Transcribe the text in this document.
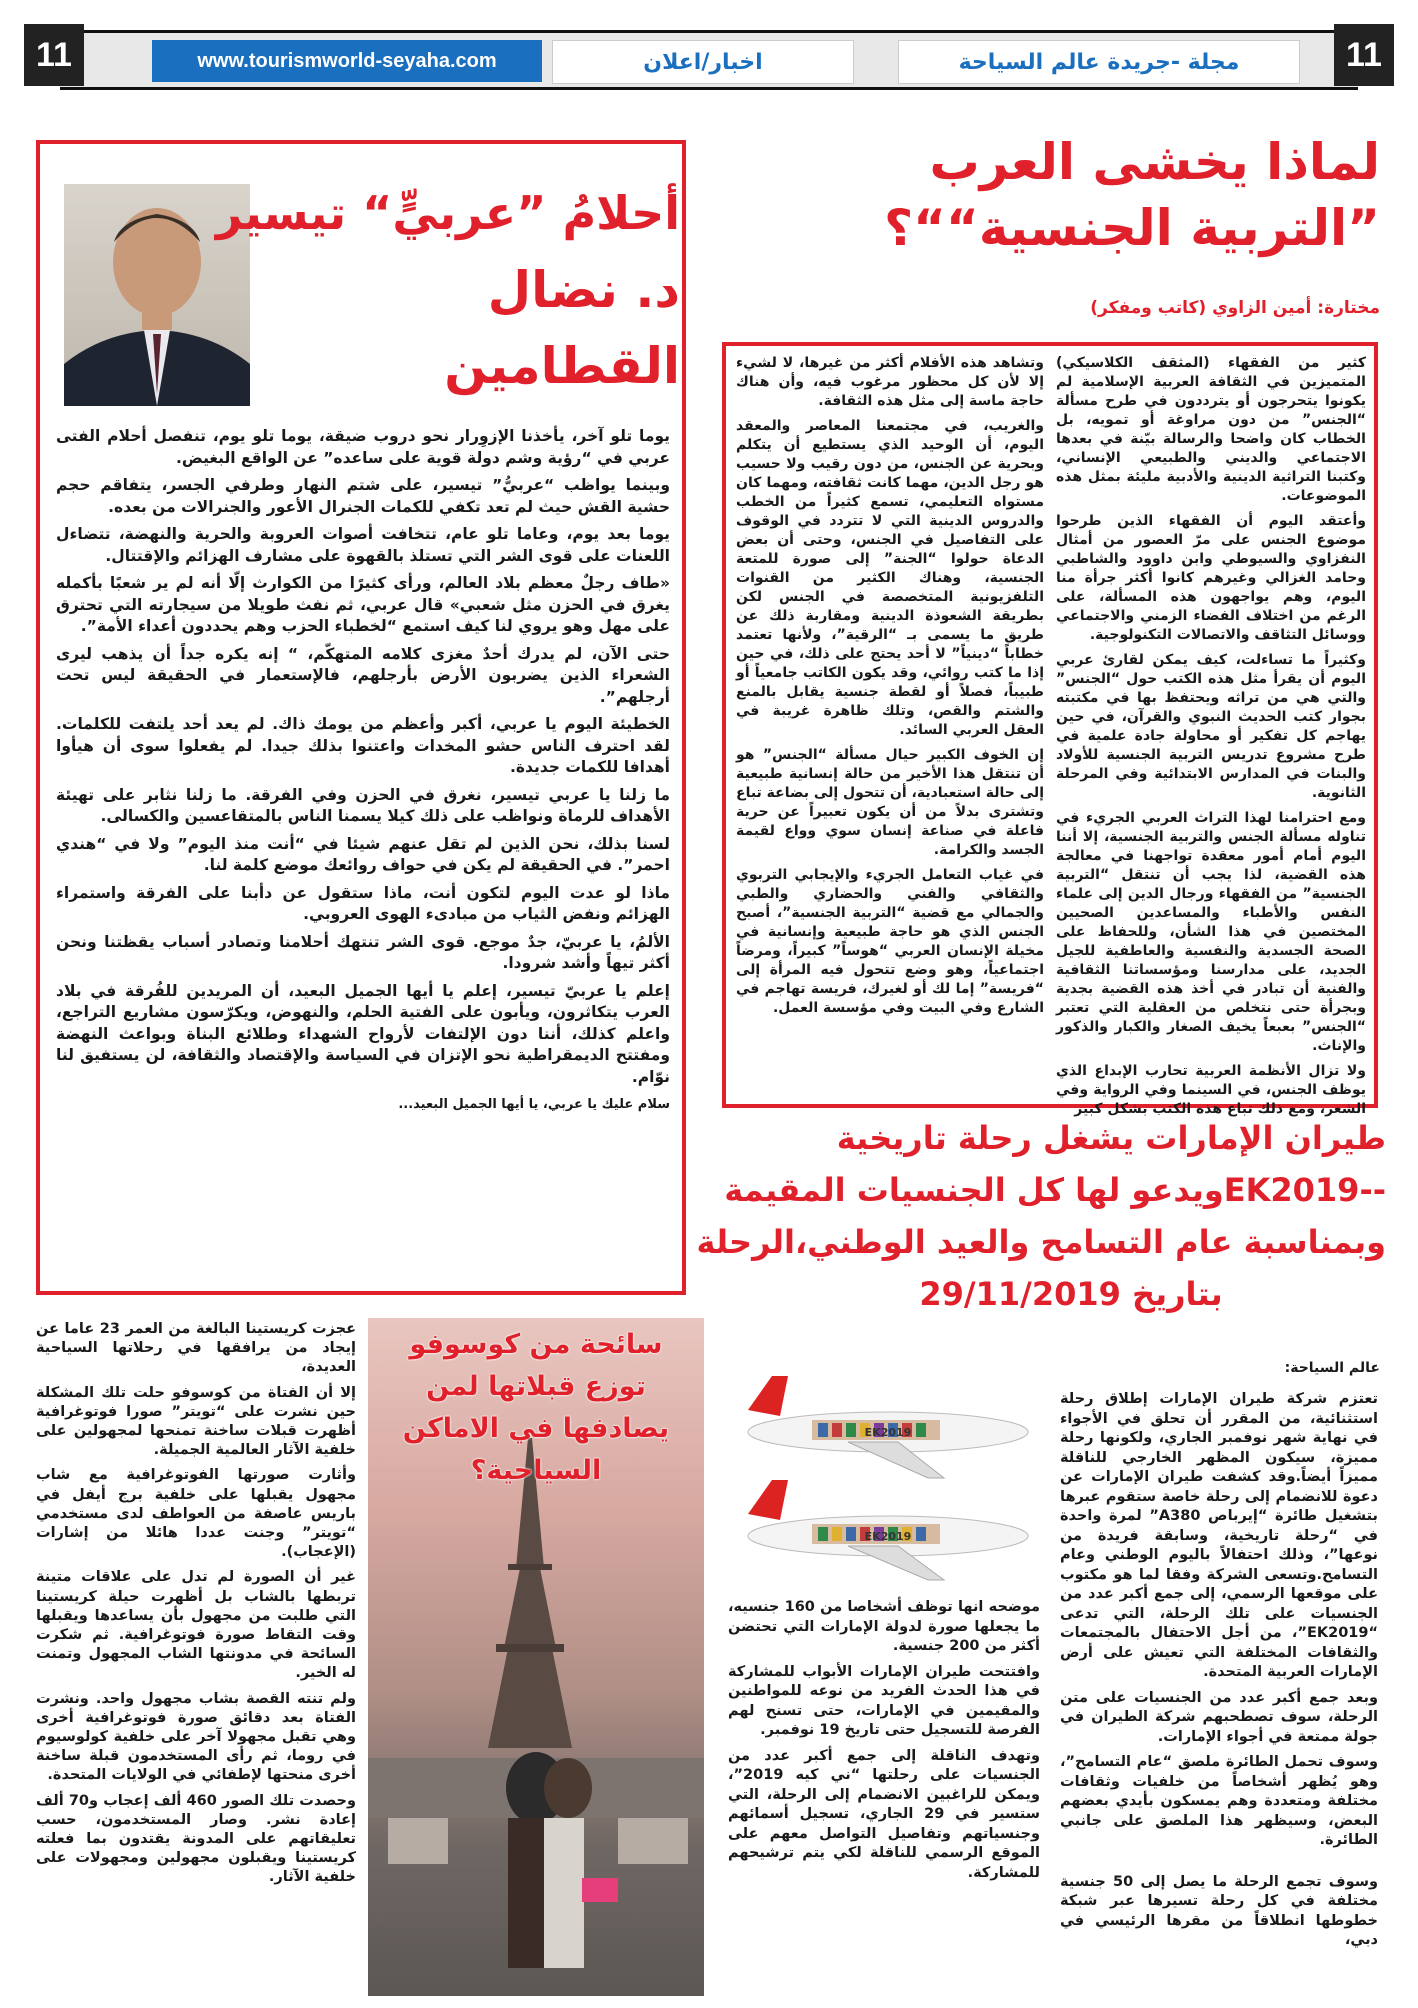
11	11
www.tourismworld-seyaha.com	اخبار/اعلان	مجلة -جريدة عالم السياحة
أحلامُ ”عربيٍّ“ تيسير
د. نضال القطامين

يوما تلو آخر، يأخذنا الإزوِرار نحو دروب ضيقة، يوما تلو يوم، تنفصل أحلام الفتى عربي في “رؤية وشم دولة قوية على ساعده” عن الواقع البغيض.

وبينما يواظب “عربيُّ” تيسير، على شتم النهار وطرفي الجسر، يتفاقم حجم حشية القش حيث لم تعد تكفي للكمات الجنرال الأعور والجنرالات من بعده.

يوما بعد يوم، وعاما تلو عام، تتخافت أصوات العروبة والحرية والنهضة، تتضاءل اللعنات على قوى الشر التي تستلذ بالقهوة على مشارف الهزائم والإقتتال.

«طاف رجلٌ معظم بلاد العالم، ورأى كثيرًا من الكوارث إلّا أنه لم ير شعبًا بأكمله يغرق في الحزن مثل شعبي» قال عربي، ثم نفث طويلا من سيجارته التي تحترق على مهل وهو يروي لنا كيف استمع “لخطباء الحزب وهم يحددون أعداء الأمة”.

حتى الآن، لم يدرك أحدٌ مغزى كلامه المتهكّم، “ إنه يكره جداً أن يذهب ليرى الشعراء الذين يضربون الأرض بأرجلهم، فالإستعمار في الحقيقة ليس تحت أرجلهم”.

الخطيئة اليوم يا عربي، أكبر وأعظم من يومك ذاك. لم يعد أحد يلتفت للكلمات. لقد احترف الناس حشو المخدات واعتنوا بذلك جيدا. لم يفعلوا سوى أن هيأوا أهدافا للكمات جديدة.

ما زلنا يا عربي تيسير، نغرق في الحزن وفي الفرقة. ما زلنا نثابر على تهيئة الأهداف للرماة ونواظب على ذلك كيلا يسمنا الناس بالمتقاعسين والكسالى.

لسنا بذلك، نحن الذين لم تقل عنهم شيئا في “أنت منذ اليوم” ولا في “هندي احمر”. في الحقيقة لم يكن في حواف روائعك موضع كلمة لنا.

ماذا لو عدت اليوم لتكون أنت، ماذا ستقول عن دأبنا على الفرقة واستمراء الهزائم ونفض الثياب من مبادىء الهوى العروبي.

الألمُ، يا عربيّ، جدٌ موجع. قوى الشر تنتهك أحلامنا وتصادر أسباب يقظتنا ونحن أكثر تيهاً وأشد شرودا.

إعلم يا عربيّ تيسير، إعلم يا أيها الجميل البعيد، أن المريدين للفُرقة في بلاد العرب يتكاثرون، ويأبون على الفتية الحلم، والنهوض، ويكرّسون مشاريع التراجع، واعلم كذلك، أننا دون الإلتفات لأرواح الشهداء وطلائع البناة وبواعث النهضة ومفتتح الديمقراطية نحو الإتزان في السياسة والإقتصاد والثقافة، لن يستفيق لنا نوّام.

سلام عليك يا عربي، يا أيها الجميل البعيد...

لماذا يخشى العرب
”التربية الجنسية““؟
مختارة: أمين الزاوي (كاتب ومفكر)

كثير من الفقهاء (المثقف الكلاسيكي) المتميزين في الثقافة العربية الإسلامية لم يكونوا يتحرجون أو يترددون في طرح مسألة “الجنس” من دون مراوغة أو تمويه، بل الخطاب كان واضحا والرسالة بيّنة في بعدها الاجتماعي والديني والطبيعي الإنساني، وكتبنا التراثية الدينية والأدبية مليئة بمثل هذه الموضوعات.

وأعتقد اليوم أن الفقهاء الذين طرحوا موضوع الجنس على مرّ العصور من أمثال النفزاوي والسيوطي وابن داوود والشاطبي وحامد الغزالي وغيرهم كانوا أكثر جرأة منا اليوم، وهم يواجهون هذه المسألة، على الرغم من اختلاف الفضاء الزمني والاجتماعي ووسائل التثاقف والاتصالات التكنولوجية.

وكثيراً ما تساءلت، كيف يمكن لقارئ عربي اليوم أن يقرأ مثل هذه الكتب حول “الجنس” والتي هي من تراثه ويحتفظ بها في مكتبته بجوار كتب الحديث النبوي والقرآن، في حين يهاجم كل تفكير أو محاولة جادة علمية في طرح مشروع تدريس التربية الجنسية للأولاد والبنات في المدارس الابتدائية وفي المرحلة الثانوية.

ومع احترامنا لهذا التراث العربي الجريء في تناوله مسألة الجنس والتربية الجنسية، إلا أننا اليوم أمام أمور معقدة تواجهنا في معالجة هذه القضية، لذا يجب أن تنتقل “التربية الجنسية” من الفقهاء ورجال الدين إلى علماء النفس والأطباء والمساعدين الصحيين المختصين في هذا الشأن، وللحفاظ على الصحة الجسدية والنفسية والعاطفية للجيل الجديد، على مدارسنا ومؤسساتنا الثقافية والفنية أن تبادر في أخذ هذه القضية بجدية وبجرأة حتى نتخلص من العقلية التي تعتبر “الجنس” بعبعاً يخيف الصغار والكبار والذكور والإناث.

ولا تزال الأنظمة العربية تحارب الإبداع الذي يوظف الجنس، في السينما وفي الرواية وفي الشعر، ومع ذلك تباع هذه الكتب بشكل كبير

وتشاهد هذه الأفلام أكثر من غيرها، لا لشيء إلا لأن كل محظور مرغوب فيه، وأن هناك حاجة ماسة إلى مثل هذه الثقافة.

والغريب، في مجتمعنا المعاصر والمعقد اليوم، أن الوحيد الذي يستطيع أن يتكلم وبحرية عن الجنس، من دون رقيب ولا حسيب هو رجل الدين، مهما كانت ثقافته، ومهما كان مستواه التعليمي، تسمع كثيراً من الخطب والدروس الدينية التي لا تتردد في الوقوف على التفاصيل في الجنس، وحتى أن بعض الدعاة حولوا “الجنة” إلى صورة للمتعة الجنسية، وهناك الكثير من القنوات التلفزيونية المتخصصة في الجنس لكن بطريقة الشعوذة الدينية ومقاربة ذلك عن طريق ما يسمى بـ “الرقية”، ولأنها تعتمد خطاباً “دينياً” لا أحد يحتج على ذلك، في حين إذا ما كتب روائي، وقد يكون الكاتب جامعياً أو طبيباً، فصلاً أو لقطة جنسية يقابل بالمنع والشتم والقص، وتلك ظاهرة غريبة في العقل العربي السائد.

إن الخوف الكبير حيال مسألة “الجنس” هو أن تنتقل هذا الأخير من حالة إنسانية طبيعية إلى حالة استعبادية، أن تتحول إلى بضاعة تباع وتشترى بدلاً من أن يكون تعبيراً عن حرية فاعلة في صناعة إنسان سوي وواع لقيمة الجسد والكرامة.

في غياب التعامل الجريء والإيجابي التربوي والثقافي والفني والحضاري والطبي والجمالي مع قضية “التربية الجنسية”، أصبح الجنس الذي هو حاجة طبيعية وإنسانية في مخيلة الإنسان العربي “هوساً” كبيراً، ومرضاً اجتماعياً، وهو وضع تتحول فيه المرأة إلى “فريسة” إما لك أو لغيرك، فريسة تهاجم في الشارع وفي البيت وفي مؤسسة العمل.

طيران الإمارات يشغل رحلة تاريخية
--EK2019ويدعو لها كل الجنسيات المقيمة
وبمناسبة عام التسامح والعيد الوطني،الرحلة
بتاريخ 29/11/2019
عالم السياحة:
EK2019
EK2019

تعتزم شركة طيران الإمارات إطلاق رحلة استثنائية، من المقرر أن تحلق في الأجواء في نهاية شهر نوفمبر الجاري، ولكونها رحلة مميزة، سيكون المظهر الخارجي للناقلة مميزاً أيضاً.وقد كشفت طيران الإمارات عن دعوة للانضمام إلى رحلة خاصة ستقوم عبرها بتشغيل طائرة “إيرباص A380” لمرة واحدة في “رحلة تاريخية، وسابقة فريدة من نوعها”، وذلك احتفالاً باليوم الوطني وعام التسامح.وتسعى الشركة وفقا لما هو مكتوب على موقعها الرسمي، إلى جمع أكبر عدد من الجنسيات على تلك الرحلة، التي تدعى “EK2019”، من أجل الاحتفال بالمجتمعات والثقافات المختلفة التي تعيش على أرض الإمارات العربية المتحدة.

وبعد جمع أكبر عدد من الجنسيات على متن الرحلة، سوف تصطحبهم شركة الطيران في جولة ممتعة في أجواء الإمارات.

وسوف تحمل الطائرة ملصق “عام التسامح”، وهو يُظهر أشخاصاً من خلفيات وثقافات مختلفة ومتعددة وهم يمسكون بأيدي بعضهم البعض، وسيظهر هذا الملصق على جانبي الطائرة.

وسوف تجمع الرحلة ما يصل إلى 50 جنسية مختلفة في كل رحلة تسيرها عبر شبكة خطوطها انطلاقاً من مقرها الرئيسي في دبي،

موضحه انها توظف أشخاصا من 160 جنسيه، ما يجعلها صورة لدولة الإمارات التي تحتضن أكثر من 200 جنسية.

وافتتحت طيران الإمارات الأبواب للمشاركة في هذا الحدث الفريد من نوعه للمواطنين والمقيمين في الإمارات، حتى تسنح لهم الفرصة للتسجيل حتى تاريخ 19 نوفمبر.

وتهدف الناقلة إلى جمع أكبر عدد من الجنسيات على رحلتها “ني كيه 2019”، ويمكن للراغبين الانضمام إلى الرحلة، التي ستسير في 29 الجاري، تسجيل أسمائهم وجنسياتهم وتفاصيل التواصل معهم على الموقع الرسمي للناقلة لكي يتم ترشيحهم للمشاركة.

سائحة من كوسوفو
توزع قبلاتها لمن
يصادفها في الاماكن
السياحية؟

عجزت كريستينا البالغة من العمر 23 عاما عن إيجاد من يرافقها في رحلاتها السياحية العديدة،

إلا أن الفتاة من كوسوفو حلت تلك المشكلة حين نشرت على “تويتر” صورا فوتوغرافية أظهرت قبلات ساخنة تمنحها لمجهولين على خلفية الآثار العالمية الجميلة.

وأثارت صورتها الفوتوغرافية مع شاب مجهول يقبلها على خلفية برج أيفل في باريس عاصفة من العواطف لدى مستخدمي “تويتر” وجنت عددا هائلا من إشارات (الإعجاب).

غير أن الصورة لم تدل على علاقات متينة تربطها بالشاب بل أظهرت حيلة كريستينا التي طلبت من مجهول بأن يساعدها ويقبلها وقت التقاط صورة فوتوغرافية. ثم شكرت السائحة في مدونتها الشاب المجهول وتمنت له الخير.

ولم تنته القصة بشاب مجهول واحد. ونشرت الفتاة بعد دقائق صورة فوتوغرافية أخرى وهي تقبل مجهولا آخر على خلفية كولوسيوم في روما، ثم رأى المستخدمون قبلة ساخنة أخرى منحتها لإطفائي في الولايات المتحدة.

وحصدت تلك الصور 460 ألف إعجاب و70 ألف إعادة نشر. وصار المستخدمون، حسب تعليقاتهم على المدونة يقتدون بما فعلته كريستينا ويقبلون مجهولين ومجهولات على خلفية الآثار.
